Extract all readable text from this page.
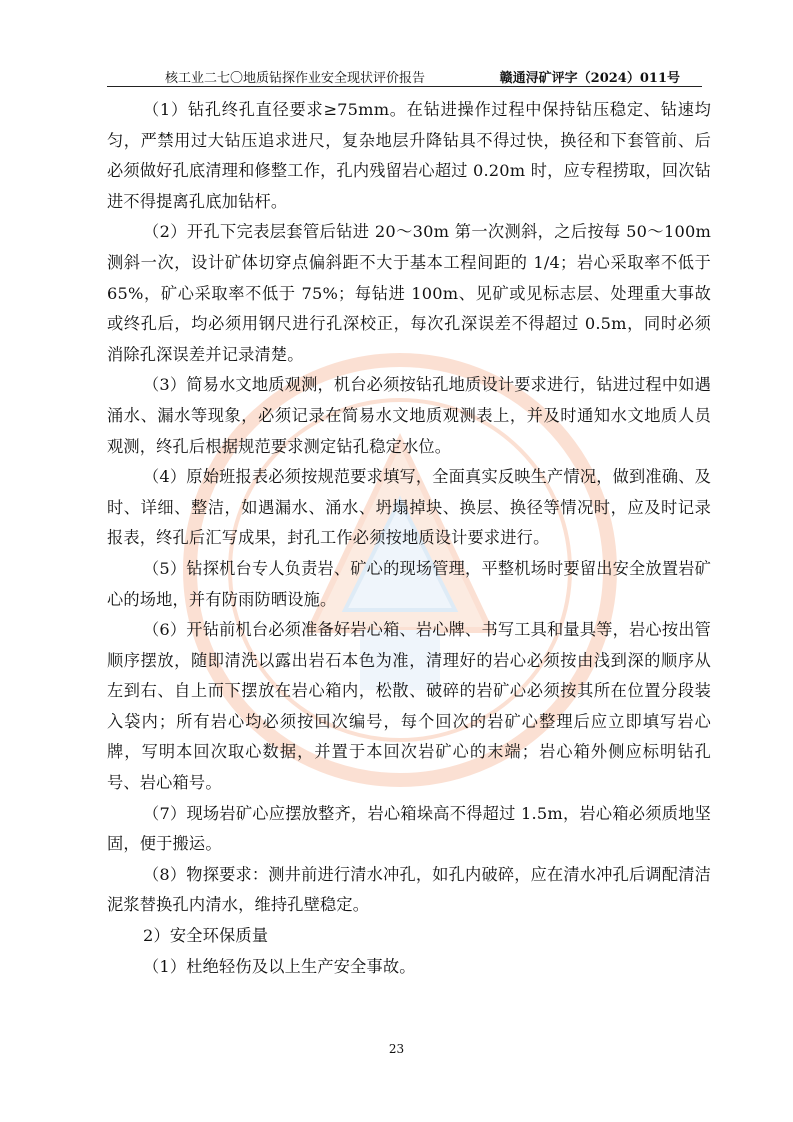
核工业二七〇地质钻探作业安全现状评价报告	赣通浔矿评字（2024）011号

（1）钻孔终孔直径要求≥75mm。在钻进操作过程中保持钻压稳定、钻速均匀，严禁用过大钻压追求进尺，复杂地层升降钻具不得过快，换径和下套管前、后必须做好孔底清理和修整工作，孔内残留岩心超过 0.20m 时，应专程捞取，回次钻进不得提离孔底加钻杆。

（2）开孔下完表层套管后钻进 20～30m 第一次测斜，之后按每 50～100m 测斜一次，设计矿体切穿点偏斜距不大于基本工程间距的 1/4；岩心采取率不低于 65%，矿心采取率不低于 75%；每钻进 100m、见矿或见标志层、处理重大事故或终孔后，均必须用钢尺进行孔深校正，每次孔深误差不得超过 0.5m，同时必须消除孔深误差并记录清楚。

（3）简易水文地质观测，机台必须按钻孔地质设计要求进行，钻进过程中如遇涌水、漏水等现象，必须记录在简易水文地质观测表上，并及时通知水文地质人员观测，终孔后根据规范要求测定钻孔稳定水位。

（4）原始班报表必须按规范要求填写，全面真实反映生产情况，做到准确、及时、详细、整洁，如遇漏水、涌水、坍塌掉块、换层、换径等情况时，应及时记录报表，终孔后汇写成果，封孔工作必须按地质设计要求进行。

（5）钻探机台专人负责岩、矿心的现场管理，平整机场时要留出安全放置岩矿心的场地，并有防雨防晒设施。

（6）开钻前机台必须准备好岩心箱、岩心牌、书写工具和量具等，岩心按出管顺序摆放，随即清洗以露出岩石本色为准，清理好的岩心必须按由浅到深的顺序从左到右、自上而下摆放在岩心箱内，松散、破碎的岩矿心必须按其所在位置分段装入袋内；所有岩心均必须按回次编号，每个回次的岩矿心整理后应立即填写岩心牌，写明本回次取心数据，并置于本回次岩矿心的末端；岩心箱外侧应标明钻孔号、岩心箱号。

（7）现场岩矿心应摆放整齐，岩心箱垛高不得超过 1.5m，岩心箱必须质地坚固，便于搬运。

（8）物探要求：测井前进行清水冲孔，如孔内破碎，应在清水冲孔后调配清洁泥浆替换孔内清水，维持孔壁稳定。

2）安全环保质量

（1）杜绝轻伤及以上生产安全事故。

23
